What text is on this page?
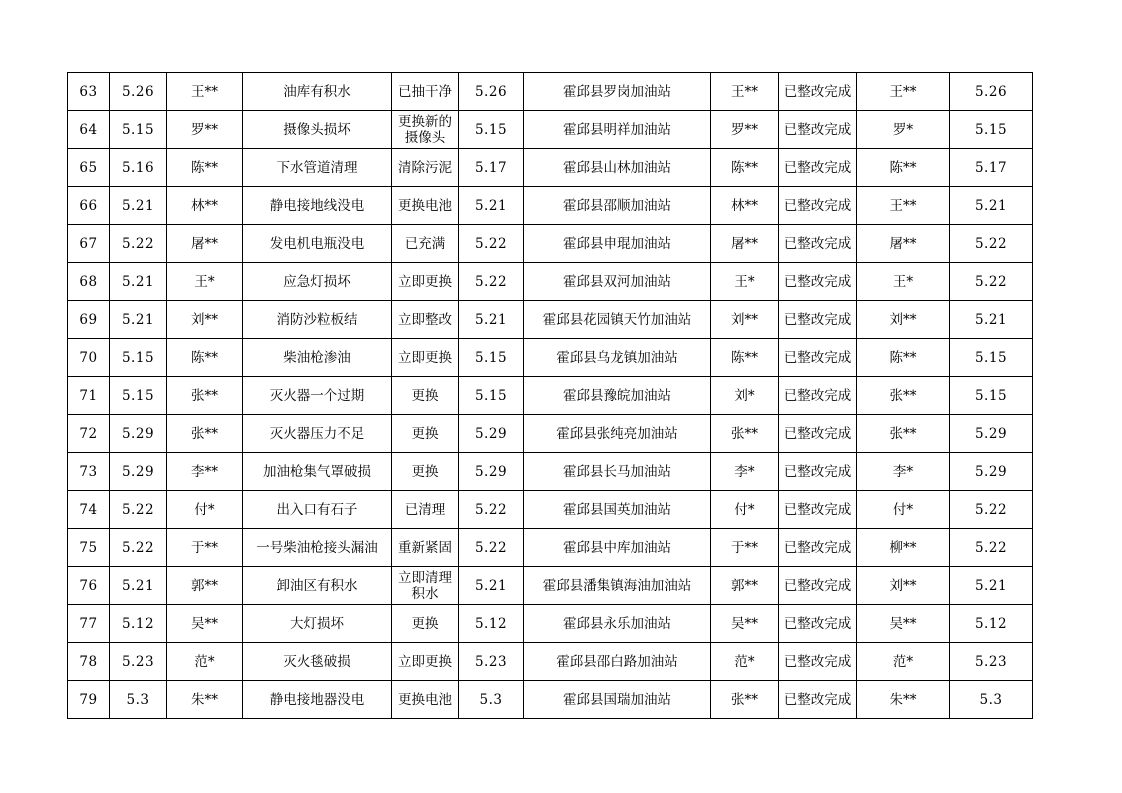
63	5.26	王**	油库有积水	已抽干净	5.26	霍邱县罗岗加油站	王**	已整改完成	王**	5.26
64	5.15	罗**	摄像头损坏	更换新的摄像头	5.15	霍邱县明祥加油站	罗**	已整改完成	罗*	5.15
65	5.16	陈**	下水管道清理	清除污泥	5.17	霍邱县山林加油站	陈**	已整改完成	陈**	5.17
66	5.21	林**	静电接地线没电	更换电池	5.21	霍邱县邵顺加油站	林**	已整改完成	王**	5.21
67	5.22	屠**	发电机电瓶没电	已充满	5.22	霍邱县申琨加油站	屠**	已整改完成	屠**	5.22
68	5.21	王*	应急灯损坏	立即更换	5.22	霍邱县双河加油站	王*	已整改完成	王*	5.22
69	5.21	刘**	消防沙粒板结	立即整改	5.21	霍邱县花园镇天竹加油站	刘**	已整改完成	刘**	5.21
70	5.15	陈**	柴油枪渗油	立即更换	5.15	霍邱县乌龙镇加油站	陈**	已整改完成	陈**	5.15
71	5.15	张**	灭火器一个过期	更换	5.15	霍邱县豫皖加油站	刘*	已整改完成	张**	5.15
72	5.29	张**	灭火器压力不足	更换	5.29	霍邱县张纯亮加油站	张**	已整改完成	张**	5.29
73	5.29	李**	加油枪集气罩破损	更换	5.29	霍邱县长马加油站	李*	已整改完成	李*	5.29
74	5.22	付*	出入口有石子	已清理	5.22	霍邱县国英加油站	付*	已整改完成	付*	5.22
75	5.22	于**	一号柴油枪接头漏油	重新紧固	5.22	霍邱县中库加油站	于**	已整改完成	柳**	5.22
76	5.21	郭**	卸油区有积水	立即清理积水	5.21	霍邱县潘集镇海油加油站	郭**	已整改完成	刘**	5.21
77	5.12	吴**	大灯损坏	更换	5.12	霍邱县永乐加油站	吴**	已整改完成	吴**	5.12
78	5.23	范*	灭火毯破损	立即更换	5.23	霍邱县邵白路加油站	范*	已整改完成	范*	5.23
79	5.3	朱**	静电接地器没电	更换电池	5.3	霍邱县国瑞加油站	张**	已整改完成	朱**	5.3
